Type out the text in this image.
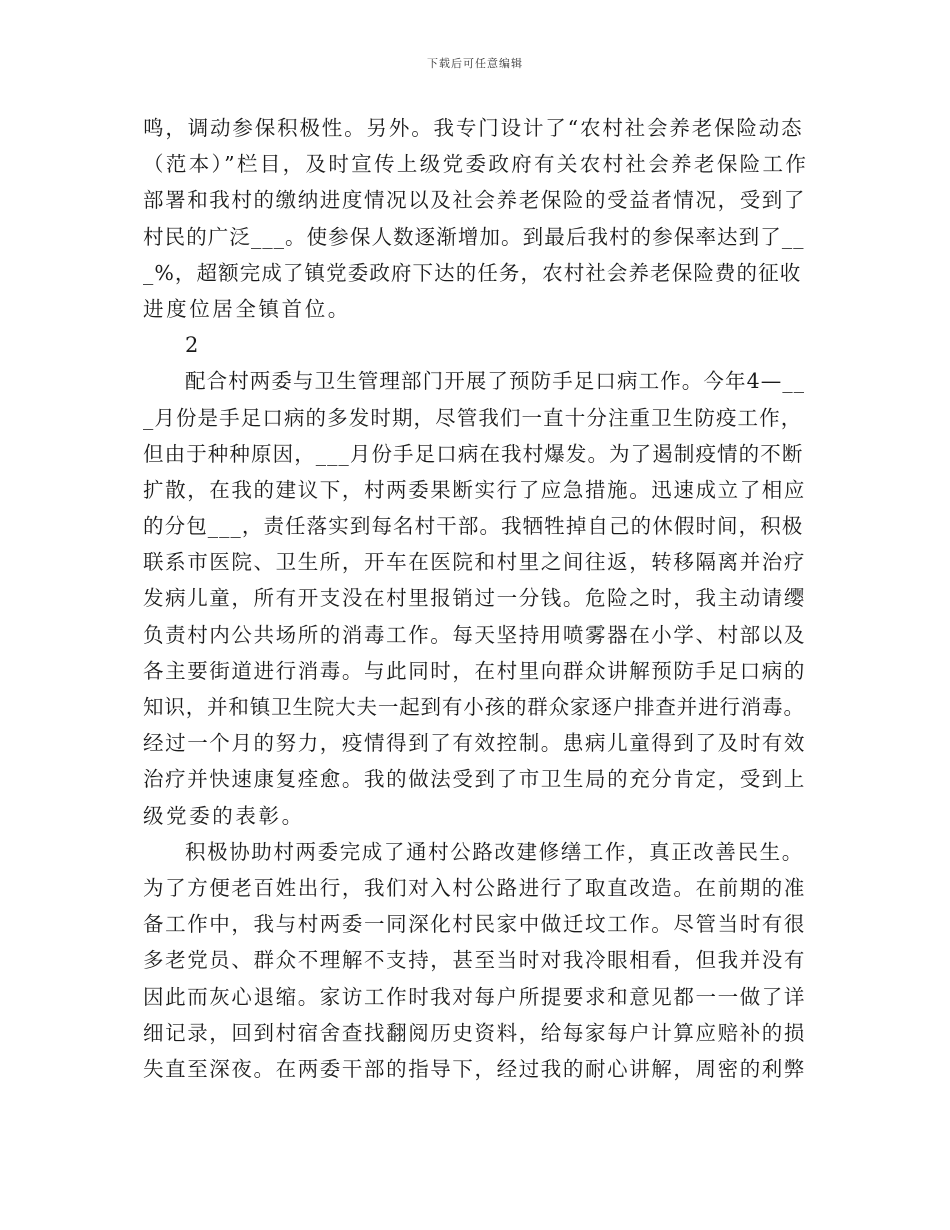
下载后可任意编辑
鸣，调动参保积极性。另外。我专门设计了“农村社会养老保险动态
（范本）”栏目，及时宣传上级党委政府有关农村社会养老保险工作
部署和我村的缴纳进度情况以及社会养老保险的受益者情况，受到了
村民的广泛___。使参保人数逐渐增加。到最后我村的参保率达到了__
_%，超额完成了镇党委政府下达的任务，农村社会养老保险费的征收
进度位居全镇首位。
2
配合村两委与卫生管理部门开展了预防手足口病工作。今年4—__
_月份是手足口病的多发时期，尽管我们一直十分注重卫生防疫工作，
但由于种种原因，___月份手足口病在我村爆发。为了遏制疫情的不断
扩散，在我的建议下，村两委果断实行了应急措施。迅速成立了相应
的分包___，责任落实到每名村干部。我牺牲掉自己的休假时间，积极
联系市医院、卫生所，开车在医院和村里之间往返，转移隔离并治疗
发病儿童，所有开支没在村里报销过一分钱。危险之时，我主动请缨
负责村内公共场所的消毒工作。每天坚持用喷雾器在小学、村部以及
各主要街道进行消毒。与此同时，在村里向群众讲解预防手足口病的
知识，并和镇卫生院大夫一起到有小孩的群众家逐户排查并进行消毒。
经过一个月的努力，疫情得到了有效控制。患病儿童得到了及时有效
治疗并快速康复痊愈。我的做法受到了市卫生局的充分肯定，受到上
级党委的表彰。
积极协助村两委完成了通村公路改建修缮工作，真正改善民生。
为了方便老百姓出行，我们对入村公路进行了取直改造。在前期的准
备工作中，我与村两委一同深化村民家中做迁坟工作。尽管当时有很
多老党员、群众不理解不支持，甚至当时对我冷眼相看，但我并没有
因此而灰心退缩。家访工作时我对每户所提要求和意见都一一做了详
细记录，回到村宿舍查找翻阅历史资料，给每家每户计算应赔补的损
失直至深夜。在两委干部的指导下，经过我的耐心讲解，周密的利弊
